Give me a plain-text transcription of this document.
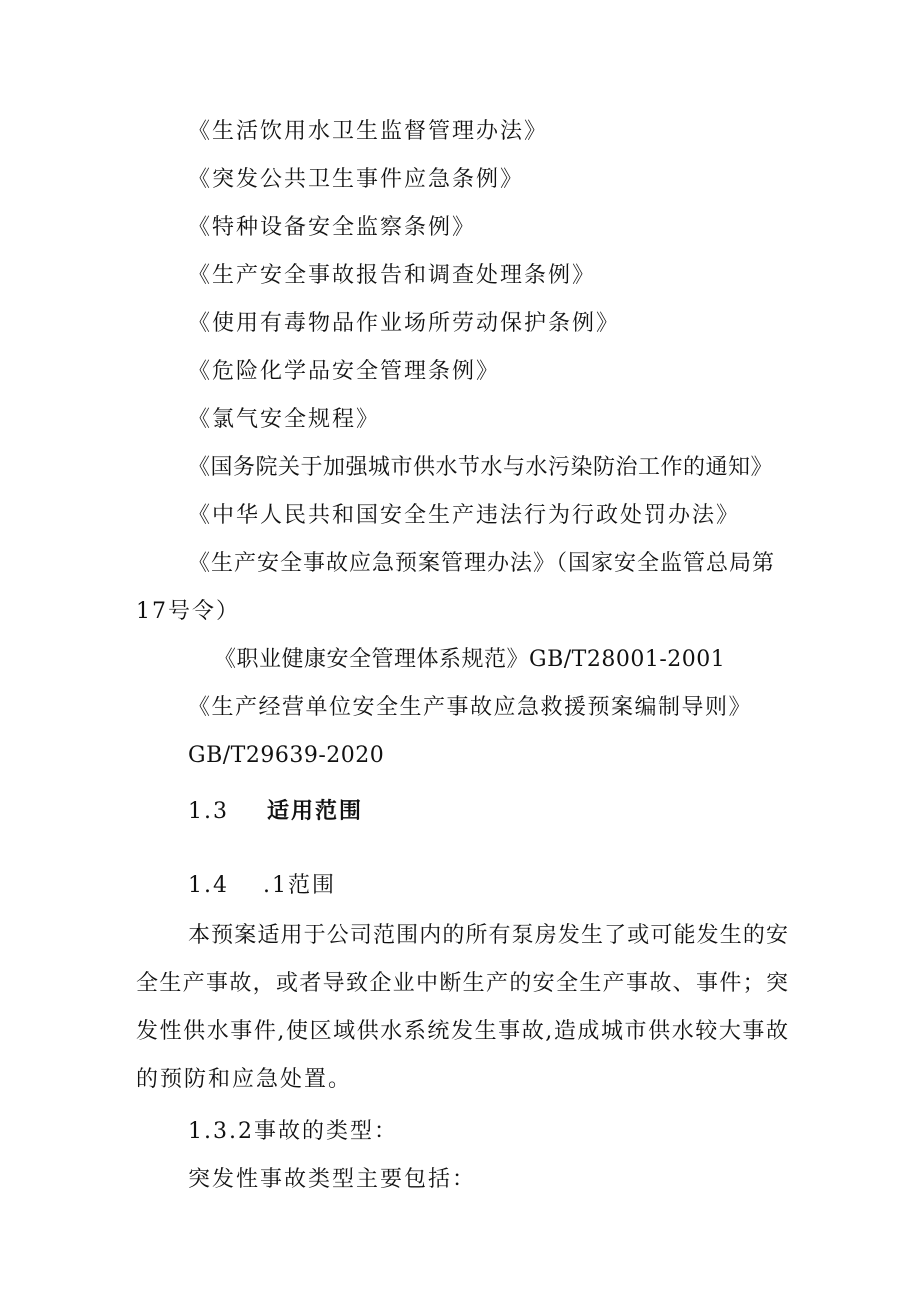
《生活饮用水卫生监督管理办法》
《突发公共卫生事件应急条例》
《特种设备安全监察条例》
《生产安全事故报告和调查处理条例》
《使用有毒物品作业场所劳动保护条例》
《危险化学品安全管理条例》
《氯气安全规程》
《国务院关于加强城市供水节水与水污染防治工作的通知》
《中华人民共和国安全生产违法行为行政处罚办法》
《生产安全事故应急预案管理办法》（国家安全监管总局第
17号令）
《职业健康安全管理体系规范》GB/T28001-2001
《生产经营单位安全生产事故应急救援预案编制导则》
GB/T29639-2020
1.3 适用范围
1.4 .1范围
本预案适用于公司范围内的所有泵房发生了或可能发生的安
全生产事故，或者导致企业中断生产的安全生产事故、事件；突
发性供水事件,使区域供水系统发生事故,造成城市供水较大事故
的预防和应急处置。
1.3.2事故的类型：
突发性事故类型主要包括：
